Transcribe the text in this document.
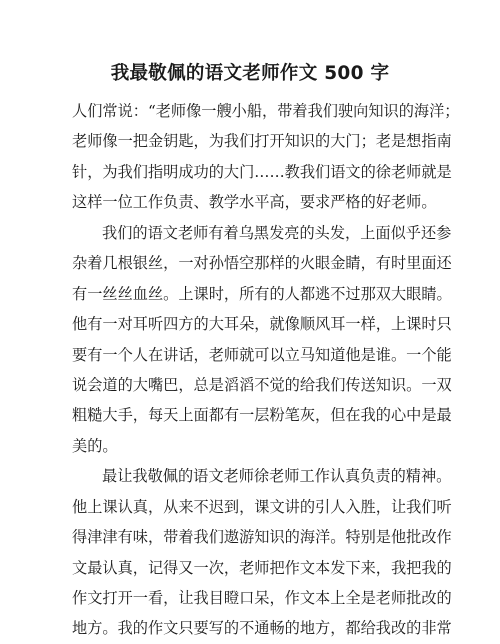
我最敬佩的语文老师作文 500 字
人们常说：“老师像一艘小船，带着我们驶向知识的海洋；
老师像一把金钥匙，为我们打开知识的大门；老是想指南
针，为我们指明成功的大门……教我们语文的徐老师就是
这样一位工作负责、教学水平高，要求严格的好老师。
我们的语文老师有着乌黑发亮的头发，上面似乎还参
杂着几根银丝，一对孙悟空那样的火眼金睛，有时里面还
有一丝丝血丝。上课时，所有的人都逃不过那双大眼睛。
他有一对耳听四方的大耳朵，就像顺风耳一样，上课时只
要有一个人在讲话，老师就可以立马知道他是谁。一个能
说会道的大嘴巴，总是滔滔不觉的给我们传送知识。一双
粗糙大手，每天上面都有一层粉笔灰，但在我的心中是最
美的。
最让我敬佩的语文老师徐老师工作认真负责的精神。
他上课认真，从来不迟到，课文讲的引人入胜，让我们听
得津津有味，带着我们遨游知识的海洋。特别是他批改作
文最认真，记得又一次，老师把作文本发下来，我把我的
作文打开一看，让我目瞪口呆，作文本上全是老师批改的
地方。我的作文只要写的不通畅的地方，都给我改的非常
